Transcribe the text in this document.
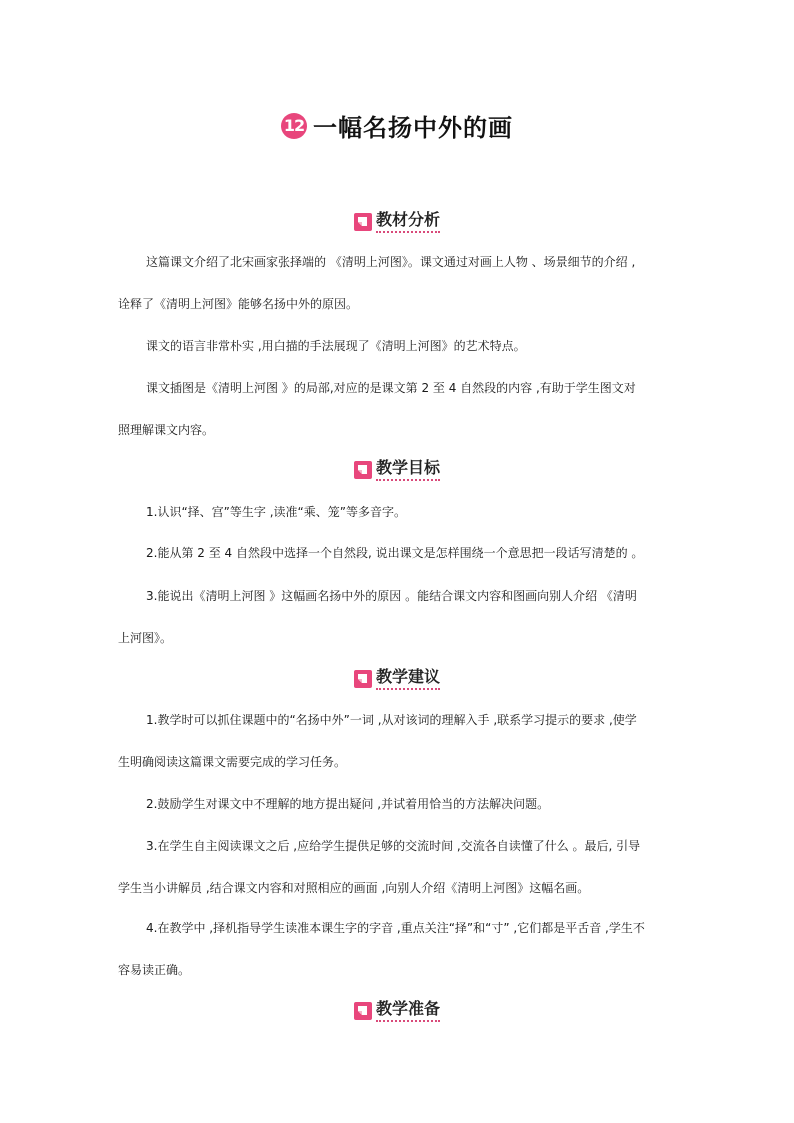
12 一幅名扬中外的画
教材分析
这篇课文介绍了北宋画家张择端的 《清明上河图》。课文通过对画上人物 、场景细节的介绍 ,
诠释了《清明上河图》能够名扬中外的原因。
课文的语言非常朴实 ,用白描的手法展现了《清明上河图》的艺术特点。
课文插图是《清明上河图 》的局部,对应的是课文第 2 至 4 自然段的内容 ,有助于学生图文对
照理解课文内容。
教学目标
1.认识“择、宫”等生字 ,读准“乘、笼”等多音字。
2.能从第 2 至 4 自然段中选择一个自然段, 说出课文是怎样围绕一个意思把一段话写清楚的 。
3.能说出《清明上河图 》这幅画名扬中外的原因 。能结合课文内容和图画向别人介绍 《清明
上河图》。
教学建议
1.教学时可以抓住课题中的“名扬中外”一词 ,从对该词的理解入手 ,联系学习提示的要求 ,使学
生明确阅读这篇课文需要完成的学习任务。
2.鼓励学生对课文中不理解的地方提出疑问 ,并试着用恰当的方法解决问题。
3.在学生自主阅读课文之后 ,应给学生提供足够的交流时间 ,交流各自读懂了什么 。最后, 引导
学生当小讲解员 ,结合课文内容和对照相应的画面 ,向别人介绍《清明上河图》这幅名画。
4.在教学中 ,择机指导学生读准本课生字的字音 ,重点关注“择”和“寸” ,它们都是平舌音 ,学生不
容易读正确。
教学准备
